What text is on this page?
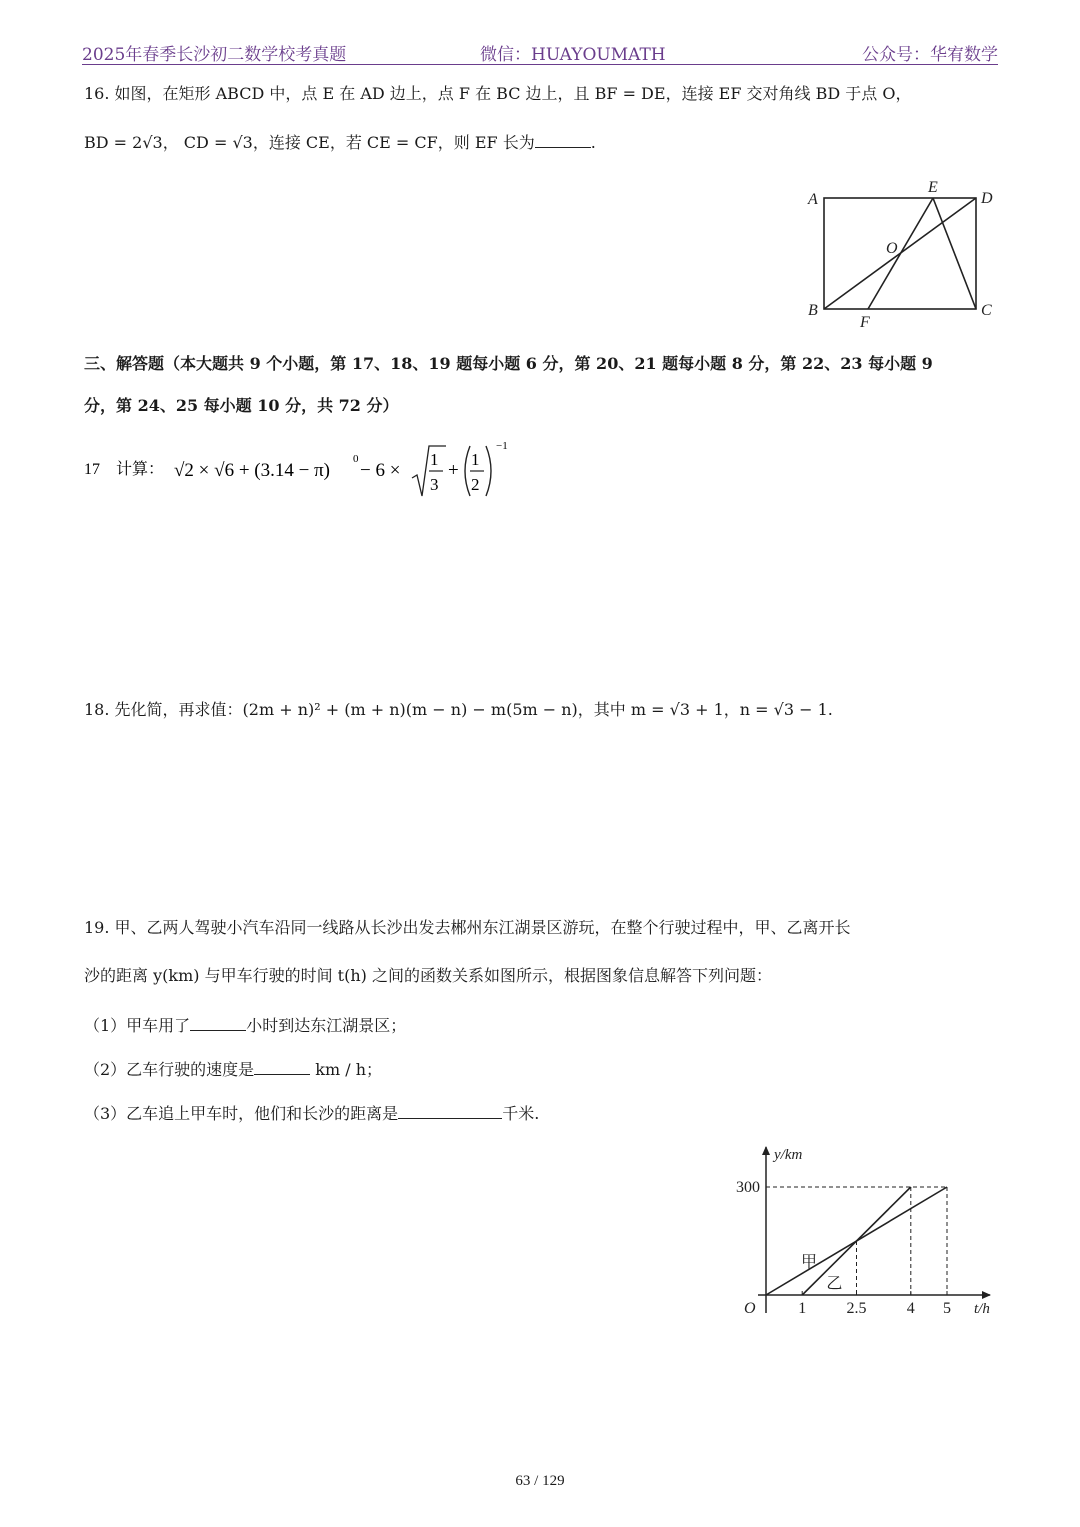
2025年春季长沙初二数学校考真题	微信：HUAYOUMATH	公众号：华宥数学
16. 如图，在矩形 ABCD 中，点 E 在 AD 边上，点 F 在 BC 边上，且 BF = DE，连接 EF 交对角线 BD 于点 O，
BD = 2√3， CD = √3，连接 CE，若 CE = CF，则 EF 长为	.
A
E
D
O
B
F
C
三、解答题（本大题共 9 个小题，第 17、18、19 题每小题 6 分，第 20、21 题每小题 8 分，第 22、23 每小题 9
分，第 24、25 每小题 10 分，共 72 分）
17 计算： √2 × √6 + (3.14 − π)
0
− 6 ×
1
3
+
1
2
−1
18. 先化简，再求值：(2m + n)² + (m + n)(m − n) − m(5m − n)，其中 m = √3 + 1，n = √3 − 1.
19. 甲、乙两人驾驶小汽车沿同一线路从长沙出发去郴州东江湖景区游玩，在整个行驶过程中，甲、乙离开长
沙的距离 y(km) 与甲车行驶的时间 t(h) 之间的函数关系如图所示，根据图象信息解答下列问题：
（1）甲车用了	小时到达东江湖景区；
（2）乙车行驶的速度是	km / h；
（3）乙车追上甲车时，他们和长沙的距离是	千米.
甲
乙
1	2.5	4 5
300
O	t/h
y/km
63 / 129
